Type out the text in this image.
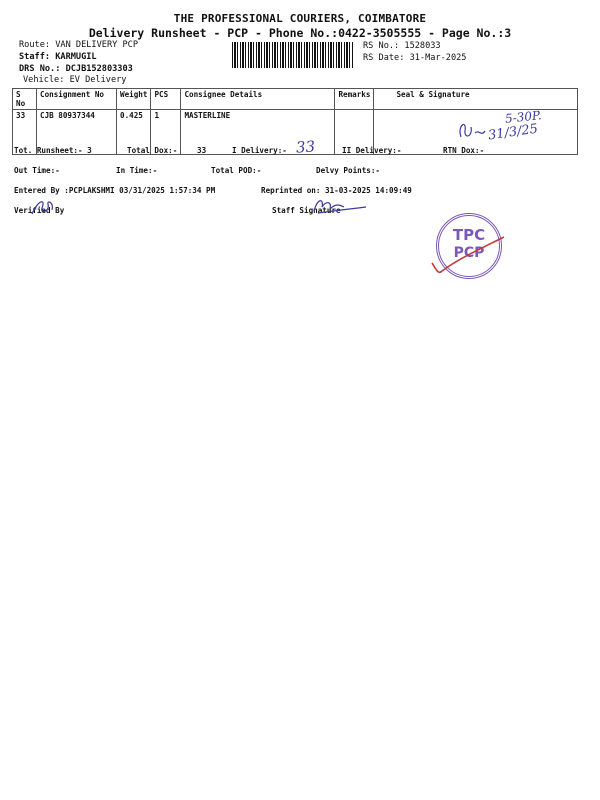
THE PROFESSIONAL COURIERS, COIMBATORE
Delivery Runsheet - PCP - Phone No.:0422-3505555 - Page No.:3
Route: VAN DELIVERY PCP
Staff: KARMUGIL
DRS No.: DCJB152803303
Vehicle: EV Delivery
RS No.: 1528033
RS Date: 31-Mar-2025
S No	Consignment No	Weight	PCS	Consignee Details	Remarks	Seal & Signature
33	CJB 80937344	0.425	1	MASTERLINE		
Tot. Runsheet:- 3	Total Dox:-	33	I Delivery:-	II Delivery:-	RTN Dox:-
Out Time:-	In Time:-	Total POD:-	Delvy Points:-
Entered By :PCPLAKSHMI 03/31/2025 1:57:34 PM	Reprinted on: 31-03-2025 14:09:49
Verified By	Staff Signature
33
5-30P.
31/3/25
TPC
PCP
